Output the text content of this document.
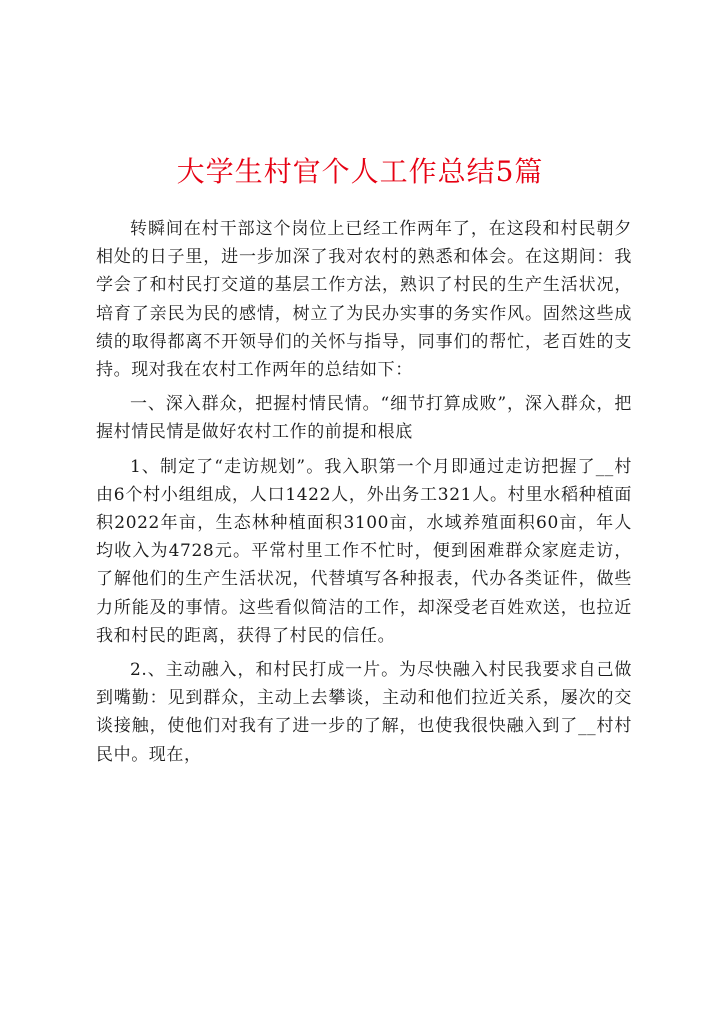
大学生村官个人工作总结5篇

转瞬间在村干部这个岗位上已经工作两年了，在这段和村民朝夕相处的日子里，进一步加深了我对农村的熟悉和体会。在这期间：我学会了和村民打交道的基层工作方法，熟识了村民的生产生活状况，培育了亲民为民的感情，树立了为民办实事的务实作风。固然这些成绩的取得都离不开领导们的关怀与指导，同事们的帮忙，老百姓的支持。现对我在农村工作两年的总结如下：

一、深入群众，把握村情民情。“细节打算成败”，深入群众，把握村情民情是做好农村工作的前提和根底

1、制定了“走访规划”。我入职第一个月即通过走访把握了__村由6个村小组组成，人口1422人，外出务工321人。村里水稻种植面积2022年亩，生态林种植面积3100亩，水域养殖面积60亩，年人均收入为4728元。平常村里工作不忙时，便到困难群众家庭走访，了解他们的生产生活状况，代替填写各种报表，代办各类证件，做些力所能及的事情。这些看似简洁的工作，却深受老百姓欢送，也拉近我和村民的距离，获得了村民的信任。

2.、主动融入，和村民打成一片。为尽快融入村民我要求自己做到嘴勤：见到群众，主动上去攀谈，主动和他们拉近关系，屡次的交谈接触，使他们对我有了进一步的了解，也使我很快融入到了__村村民中。现在，
